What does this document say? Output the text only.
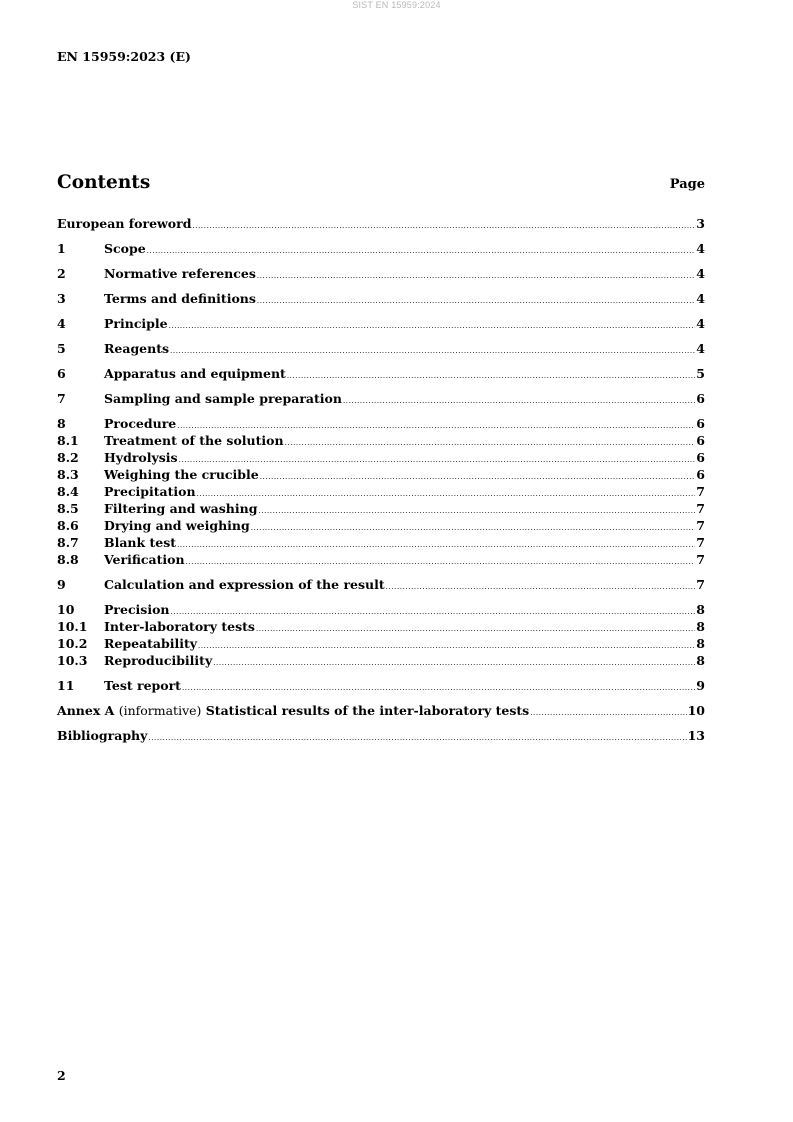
SIST EN 15959:2024
EN 15959:2023 (E)
Contents	Page
European foreword .....	3
1	Scope .....	4
2	Normative references .....	4
3	Terms and definitions .....	4
4	Principle .....	4
5	Reagents .....	4
6	Apparatus and equipment .....	5
7	Sampling and sample preparation .....	6
8	Procedure .....	6
8.1	Treatment of the solution .....	6
8.2	Hydrolysis .....	6
8.3	Weighing the crucible .....	6
8.4	Precipitation .....	7
8.5	Filtering and washing .....	7
8.6	Drying and weighing .....	7
8.7	Blank test .....	7
8.8	Verification .....	7
9	Calculation and expression of the result .....	7
10	Precision .....	8
10.1	Inter-laboratory tests .....	8
10.2	Repeatability .....	8
10.3	Reproducibility .....	8
11	Test report .....	9
Annex A (informative) Statistical results of the inter-laboratory tests .....	10
Bibliography .....	13
2
